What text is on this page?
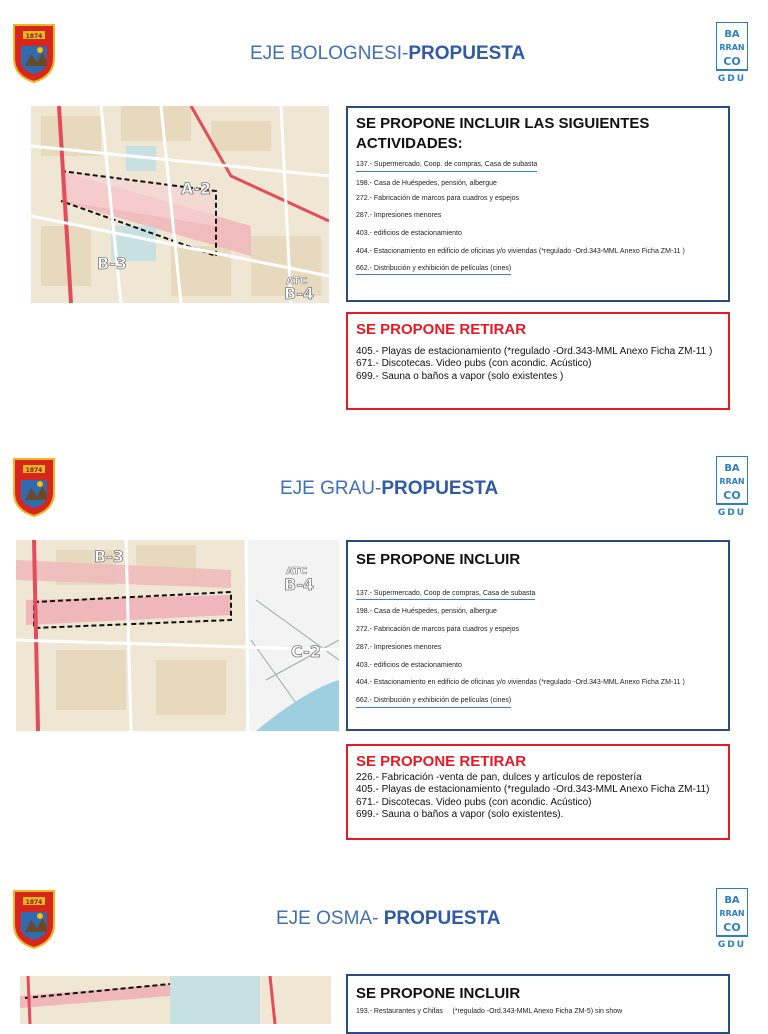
1874
EJE BOLOGNESI-PROPUESTA
BA
RRAN
CO
GDU
A-2
B-3
ATC
B-4
SE PROPONE INCLUIR LAS SIGUIENTES ACTIVIDADES:
137.- Supermercado, Coop. de compras, Casa de subasta
198.- Casa de Huéspedes, pensión, albergue
272.- Fabricación de marcos para cuadros y espejos
287.- Impresiones menores
403.- edificios de estacionamiento
404.- Estacionamiento en edificio de oficinas y/o viviendas (*regulado -Ord.343-MML Anexo Ficha ZM-11 )
662.- Distribución y exhibición de películas (cines)
SE PROPONE RETIRAR
405.- Playas de estacionamiento (*regulado -Ord.343-MML Anexo Ficha ZM-11 )
671.- Discotecas. Video pubs (con acondic. Acústico)
699.- Sauna o baños a vapor (solo existentes )
1874
EJE GRAU-PROPUESTA
BA
RRAN
CO
GDU
B-3
ATC
B-4
C-2
SE PROPONE INCLUIR
137.- Supermercado, Coop de compras, Casa de subasta
198.- Casa de Huéspedes, pensión, albergue
272.- Fabricación de marcos para cuadros y espejos
287.- Impresiones menores
403.- edificios de estacionamiento
404.- Estacionamiento en edificio de oficinas y/o viviendas (*regulado -Ord.343-MML Anexo Ficha ZM-11 )
662.- Distribución y exhibición de películas (cines)
SE PROPONE RETIRAR
226.- Fabricación -venta de pan, dulces y artículos de repostería
405.- Playas de estacionamiento (*regulado -Ord.343-MML Anexo Ficha ZM-11)
671.- Discotecas. Video pubs (con acondic. Acústico)
699.- Sauna o baños a vapor (solo existentes).
1874
EJE OSMA- PROPUESTA
BA
RRAN
CO
GDU
SE PROPONE INCLUIR
193.- Restaurantes y Chifas     (*regulado -Ord.343-MML Anexo Ficha ZM-5) sin show
